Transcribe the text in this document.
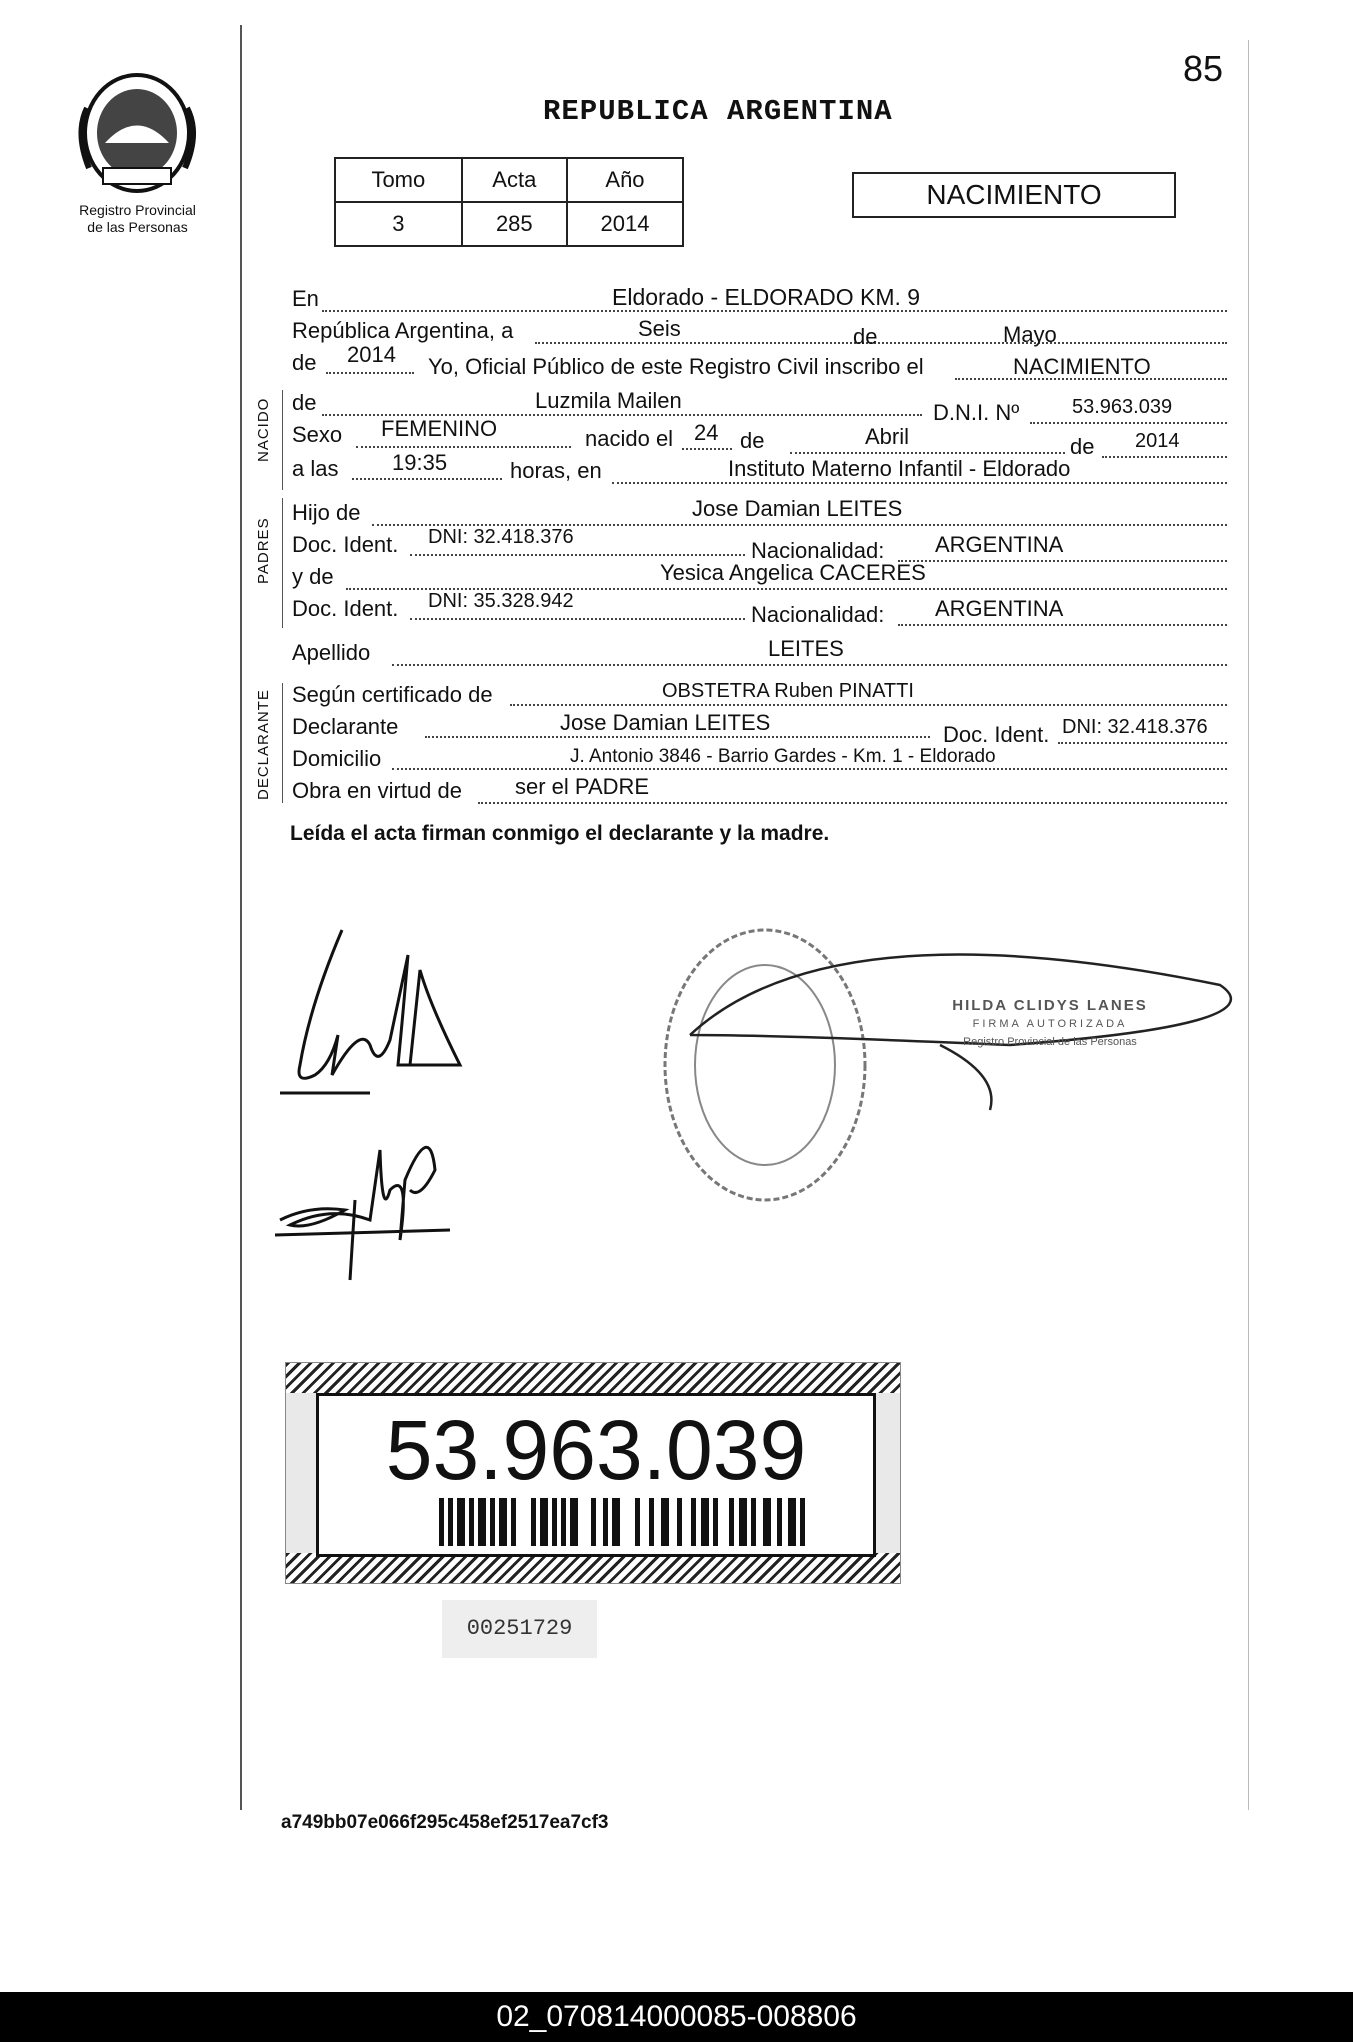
85
Registro Provincial
de las Personas
REPUBLICA ARGENTINA
Tomo	Acta	Año
3	285	2014
NACIMIENTO
NACIDO
PADRES
DECLARANTE
En	Eldorado - ELDORADO KM. 9
República Argentina, a	Seis	de	Mayo
de 2014 Yo, Oficial Público de este Registro Civil inscribo el	NACIMIENTO
de	Luzmila Mailen	D.N.I. Nº	53.963.039
Sexo FEMENINO	nacido el 24 de	Abril	de 2014
a las 19:35	horas, en	Instituto Materno Infantil - Eldorado
Hijo de	Jose Damian LEITES
Doc. Ident. DNI: 32.418.376
Nacionalidad: ARGENTINA
y de	Yesica Angelica CACERES
Doc. Ident. DNI: 35.328.942
Nacionalidad: ARGENTINA
Apellido	LEITES
Según certificado de	OBSTETRA Ruben PINATTI
Declarante	Jose Damian LEITES	Doc. Ident. DNI: 32.418.376
Domicilio	J. Antonio 3846 - Barrio Gardes - Km. 1 - Eldorado
Obra en virtud de ser el PADRE
Leída el acta firman conmigo el declarante y la madre.
HILDA CLIDYS LANES
FIRMA AUTORIZADA
Registro Provincial de las Personas
53.963.039
00251729
a749bb07e066f295c458ef2517ea7cf3
02_070814000085-008806
